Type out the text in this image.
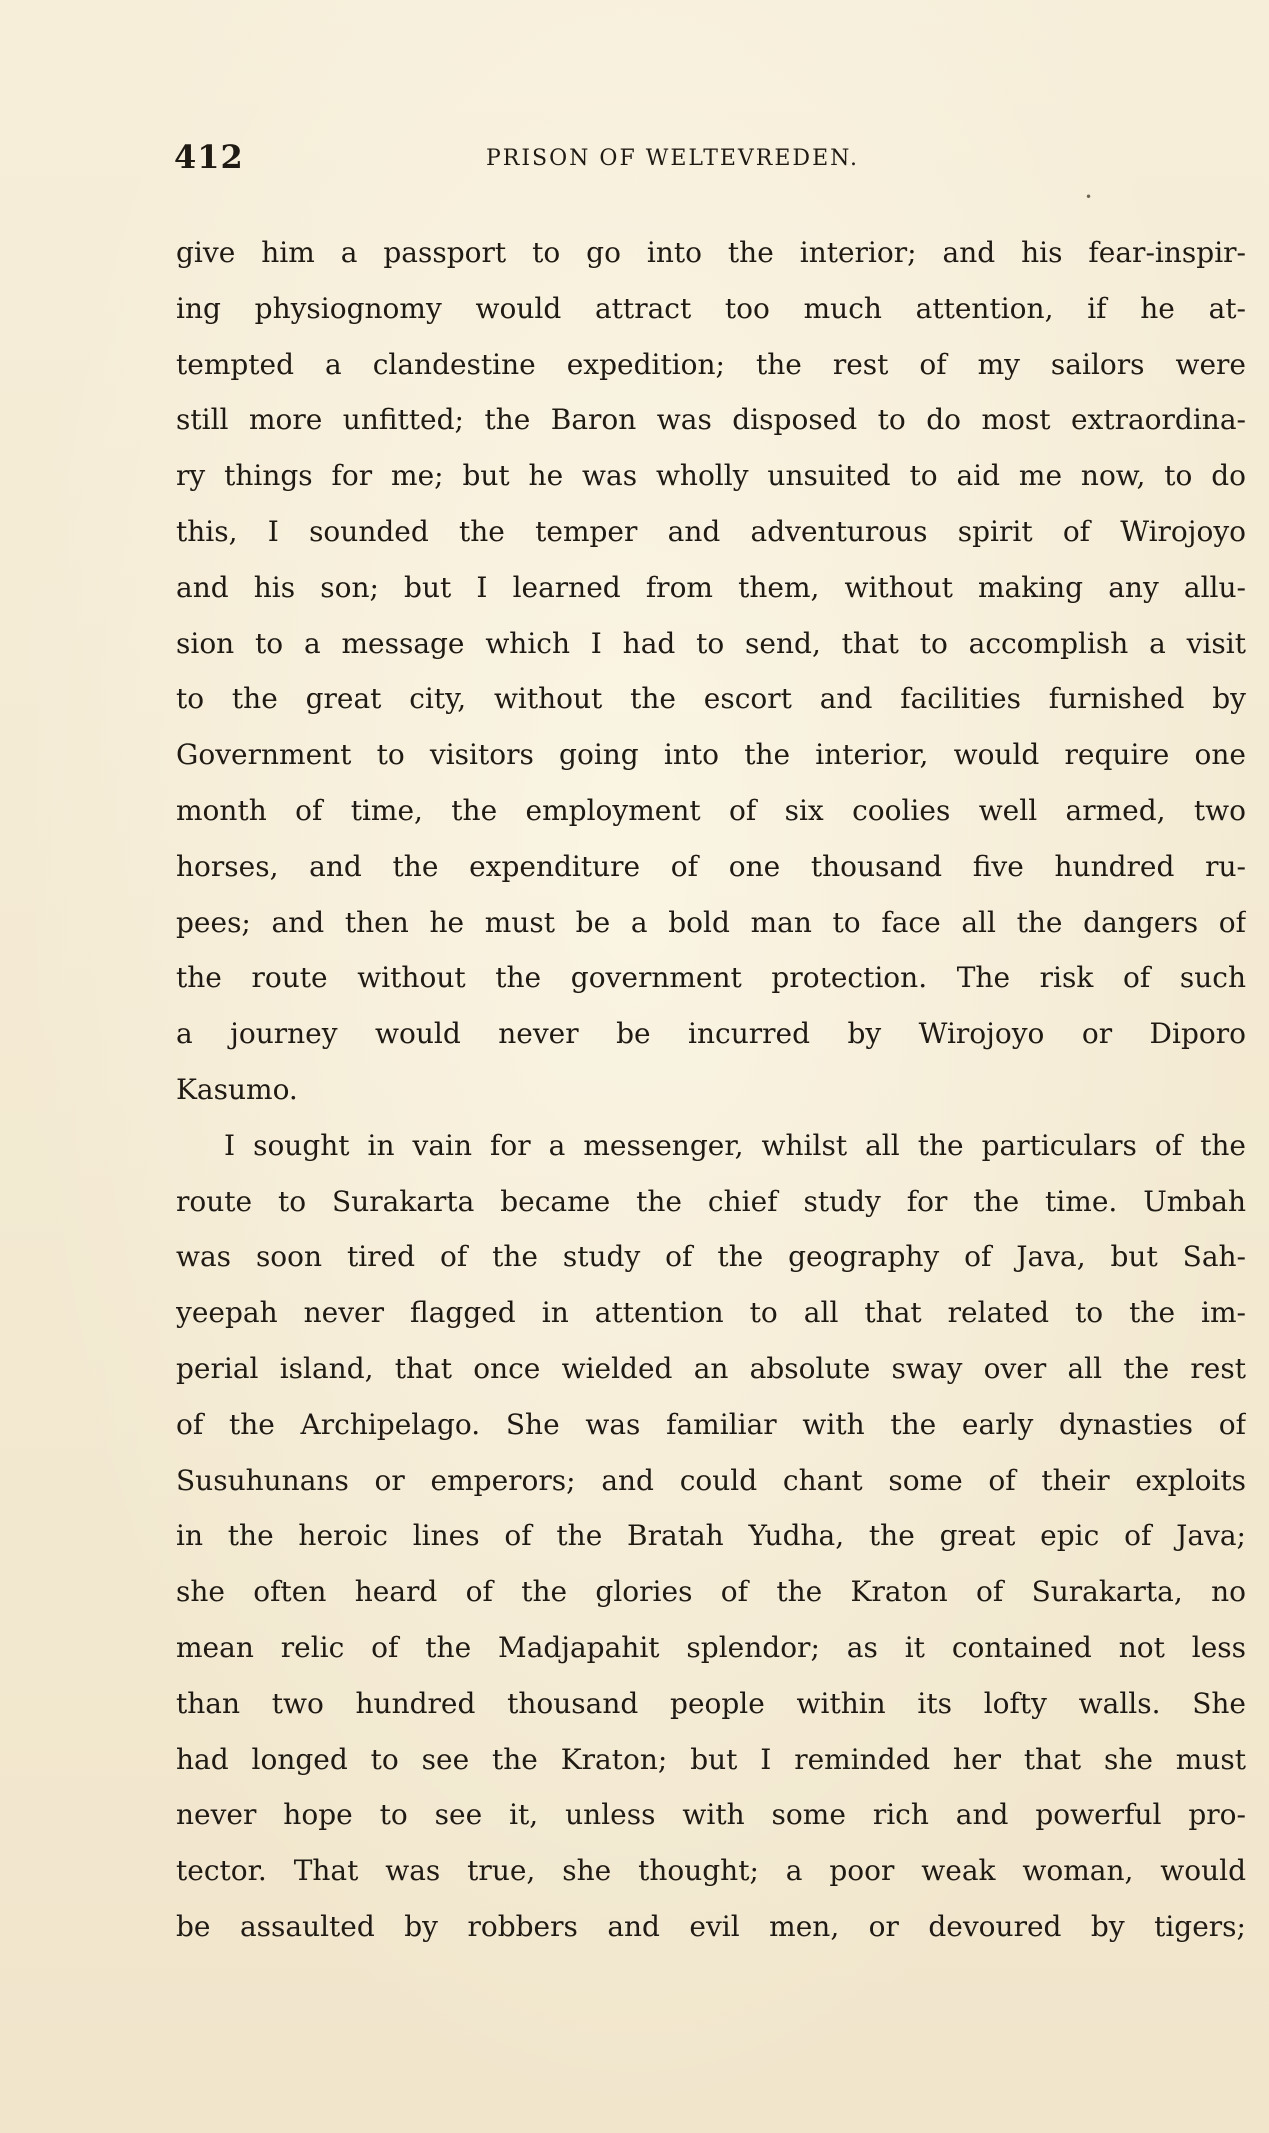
412	PRISON OF WELTEVREDEN.
•
give him a passport to go into the interior; and his fear-inspir-
ing physiognomy would attract too much attention, if he at-
tempted a clandestine expedition; the rest of my sailors were
still more unfitted; the Baron was disposed to do most extraordina-
ry things for me; but he was wholly unsuited to aid me now, to do
this, I sounded the temper and adventurous spirit of Wirojoyo
and his son; but I learned from them, without making any allu-
sion to a message which I had to send, that to accomplish a visit
to the great city, without the escort and facilities furnished by
Government to visitors going into the interior, would require one
month of time, the employment of six coolies well armed, two
horses, and the expenditure of one thousand five hundred ru-
pees; and then he must be a bold man to face all the dangers of
the route without the government protection. The risk of such
a journey would never be incurred by Wirojoyo or Diporo
Kasumo.
I sought in vain for a messenger, whilst all the particulars of the
route to Surakarta became the chief study for the time. Umbah
was soon tired of the study of the geography of Java, but Sah-
yeepah never flagged in attention to all that related to the im-
perial island, that once wielded an absolute sway over all the rest
of the Archipelago. She was familiar with the early dynasties of
Susuhunans or emperors; and could chant some of their exploits
in the heroic lines of the Bratah Yudha, the great epic of Java;
she often heard of the glories of the Kraton of Surakarta, no
mean relic of the Madjapahit splendor; as it contained not less
than two hundred thousand people within its lofty walls. She
had longed to see the Kraton; but I reminded her that she must
never hope to see it, unless with some rich and powerful pro-
tector. That was true, she thought; a poor weak woman, would
be assaulted by robbers and evil men, or devoured by tigers;
